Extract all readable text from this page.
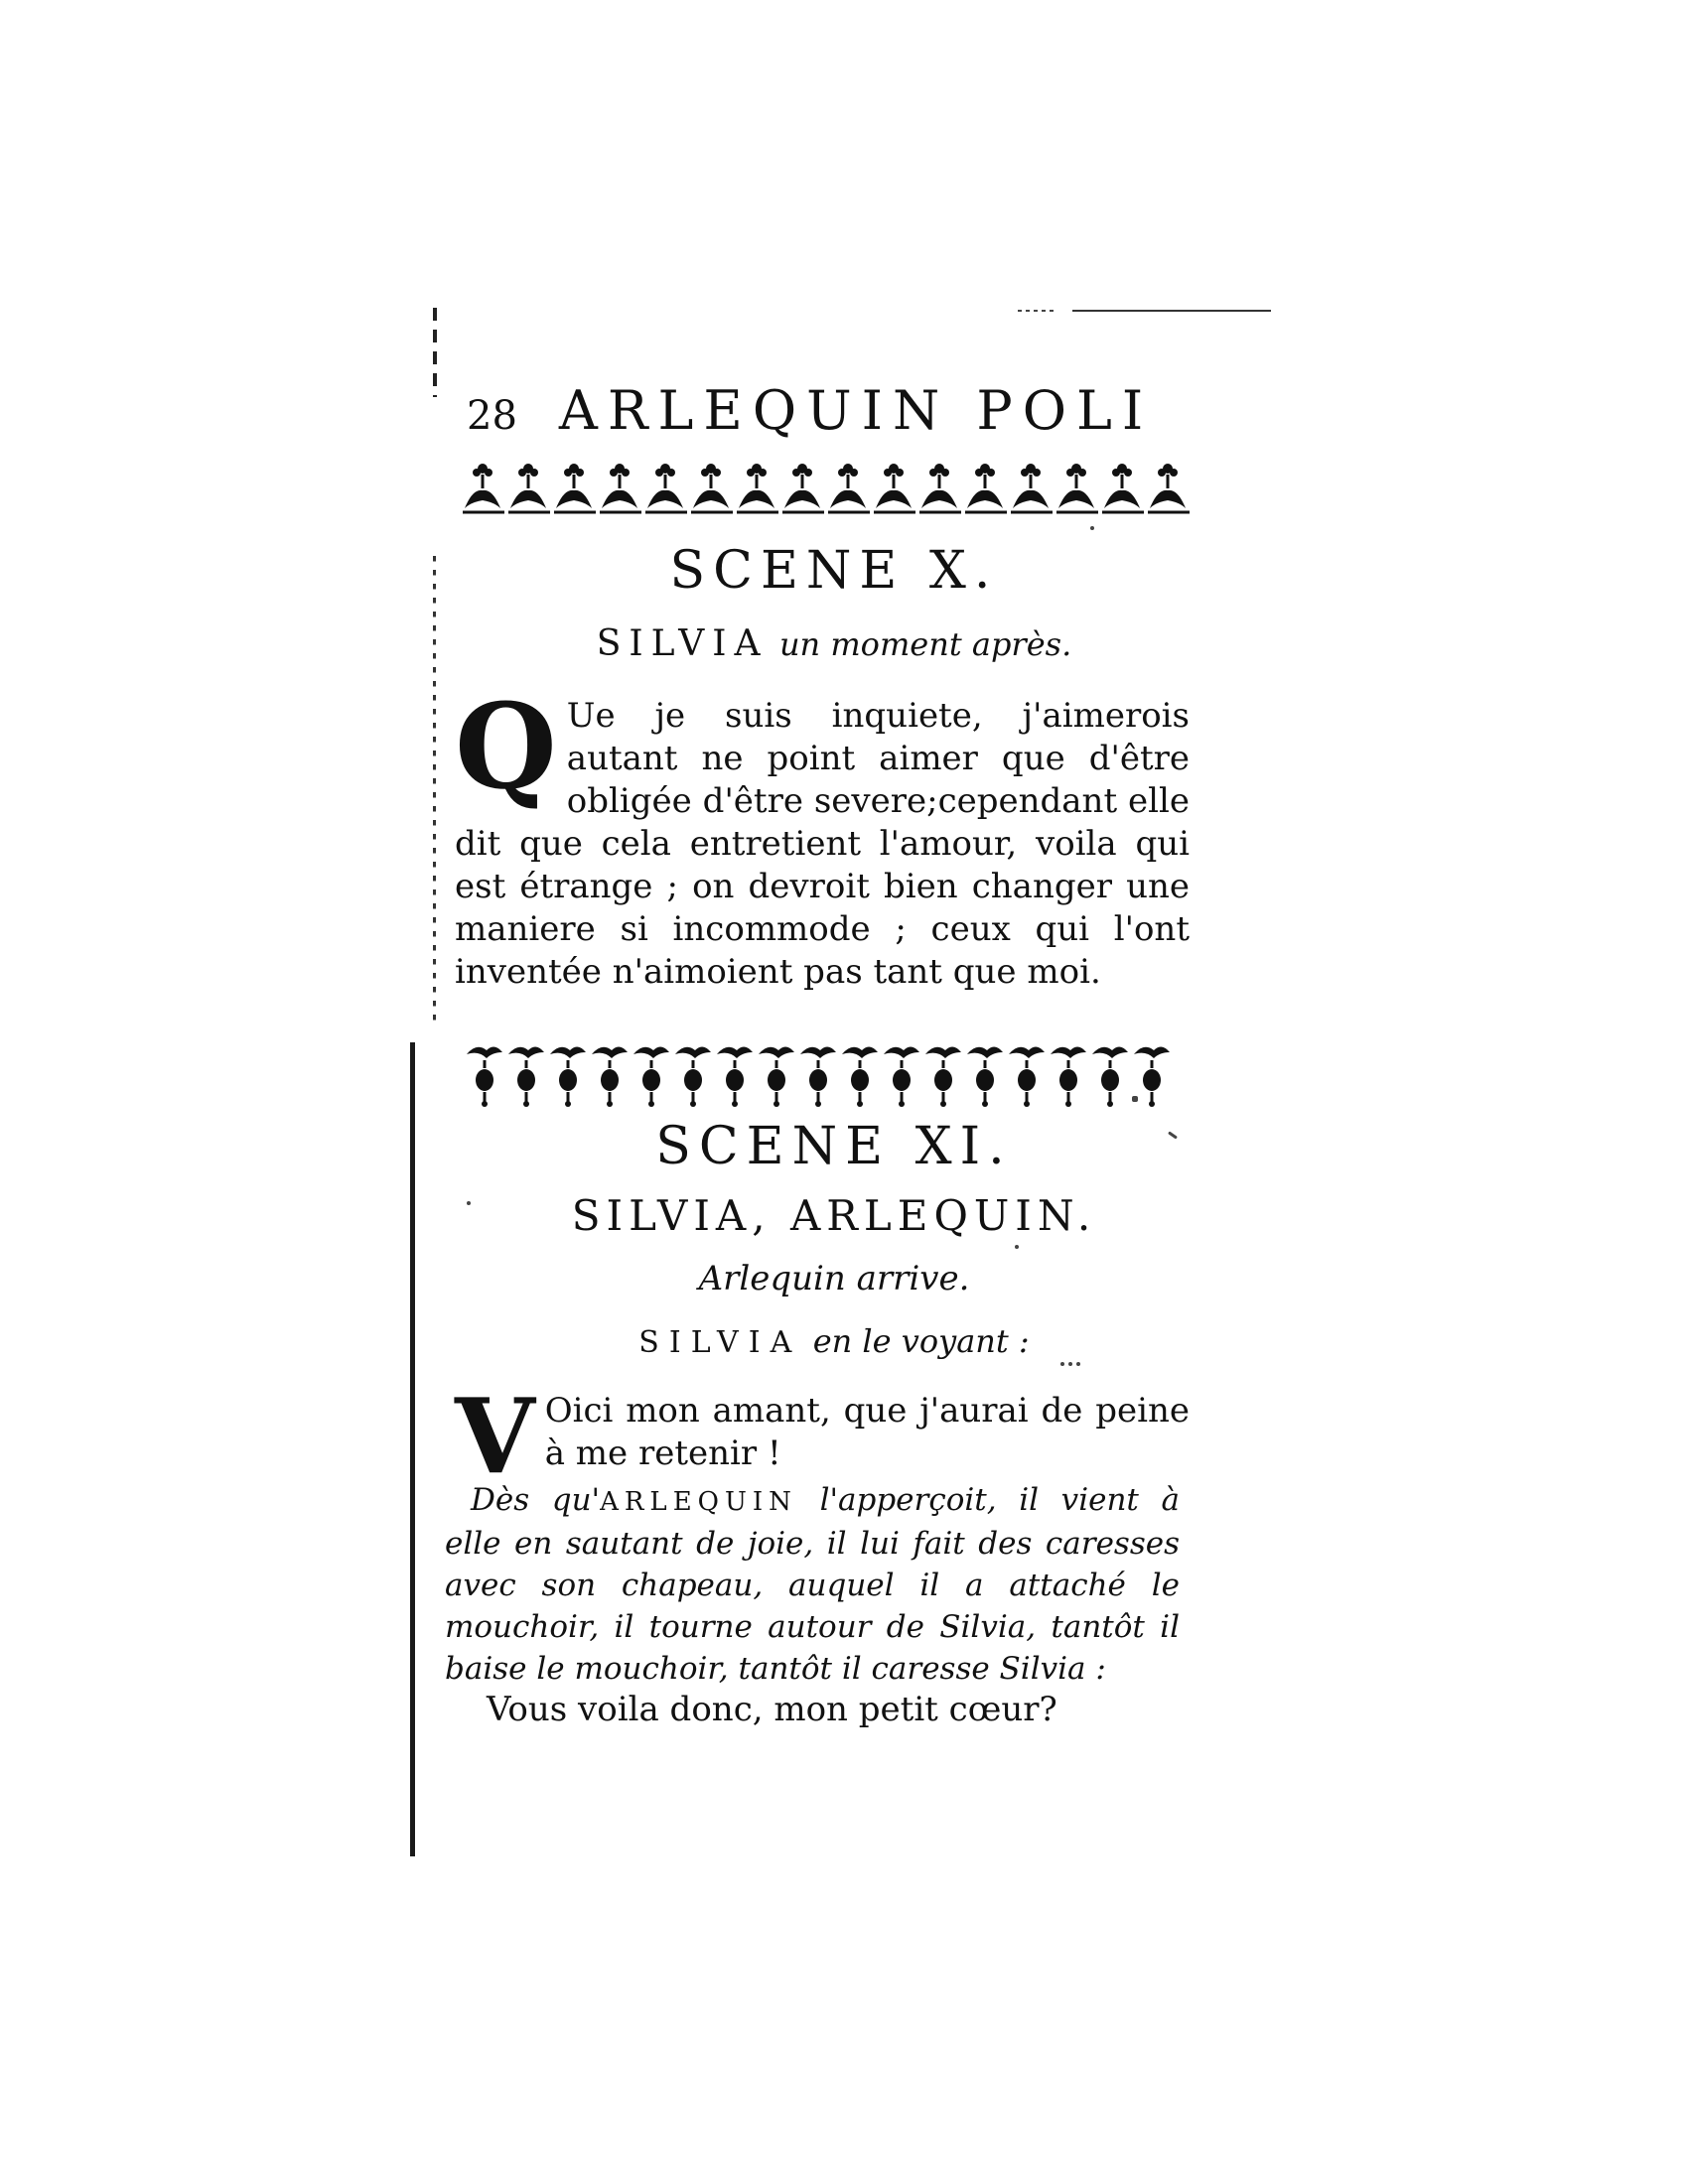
28 ARLEQUIN POLI
SCENE X.
SILVIA un moment après.
Q Ue je suis inquiete, j'aimerois autant ne point aimer que d'être obligée d'être severe;cependant elle dit que cela entretient l'amour, voila qui est étrange ; on devroit bien changer une maniere si incommode ; ceux qui l'ont inventée n'aimoient pas tant que moi.
SCENE XI.
SILVIA, ARLEQUIN.
Arlequin arrive.
SILVIA en le voyant :
V Oici mon amant, que j'aurai de peine à me retenir !
Dès qu'ARLEQUIN l'apperçoit, il vient à elle en sautant de joie, il lui fait des caresses avec son chapeau, auquel il a attaché le mouchoir, il tourne autour de Silvia, tantôt il baise le mouchoir, tantôt il caresse Silvia :
Vous voila donc, mon petit cœur?
